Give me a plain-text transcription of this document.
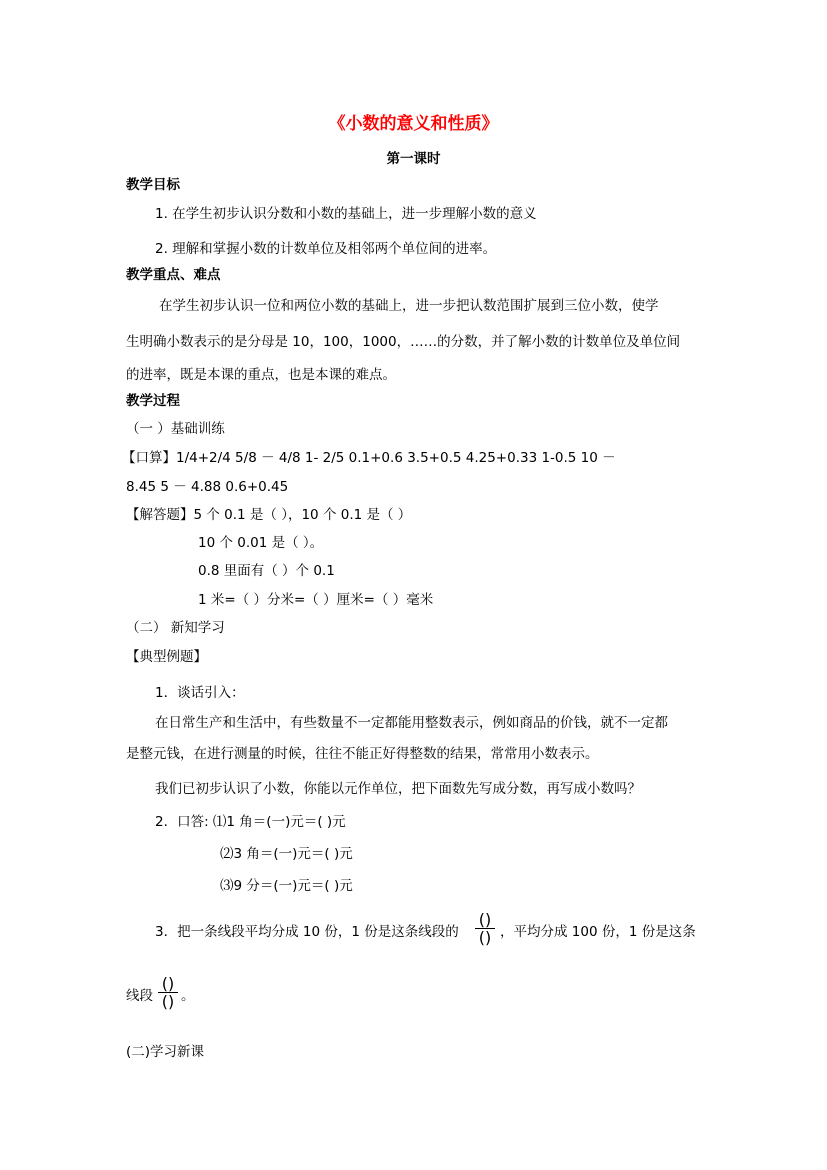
《小数的意义和性质》
第一课时
教学目标
1. 在学生初步认识分数和小数的基础上，进一步理解小数的意义
2. 理解和掌握小数的计数单位及相邻两个单位间的进率。
教学重点、难点
在学生初步认识一位和两位小数的基础上，进一步把认数范围扩展到三位小数，使学
生明确小数表示的是分母是 10，100，1000，……的分数，并了解小数的计数单位及单位间
的进率，既是本课的重点，也是本课的难点。
教学过程
（一 ）基础训练
【口算】1/4+2/4 5/8 － 4/8 1- 2/5 0.1+0.6 3.5+0.5 4.25+0.33 1-0.5 10 －
8.45 5 － 4.88 0.6+0.45
【解答题】5 个 0.1 是（ ），10 个 0.1 是（ ）
10 个 0.01 是（ ）。
0.8 里面有（ ）个 0.1
1 米=（ ）分米=（ ）厘米=（ ）毫米
（二） 新知学习
【典型例题】
1．谈话引入：
在日常生产和生活中，有些数量不一定都能用整数表示，例如商品的价钱，就不一定都
是整元钱，在进行测量的时候，往往不能正好得整数的结果，常常用小数表示。
我们已初步认识了小数，你能以元作单位，把下面数先写成分数，再写成小数吗？
2．口答: ⑴1 角＝(一)元＝( )元
⑵3 角＝(一)元＝( )元
⑶9 分＝(一)元＝( )元
3．把一条线段平均分成 10 份，1 份是这条线段的
()
() ，平均分成 100 份，1 份是这条
线段
()
() 。
(二)学习新课
